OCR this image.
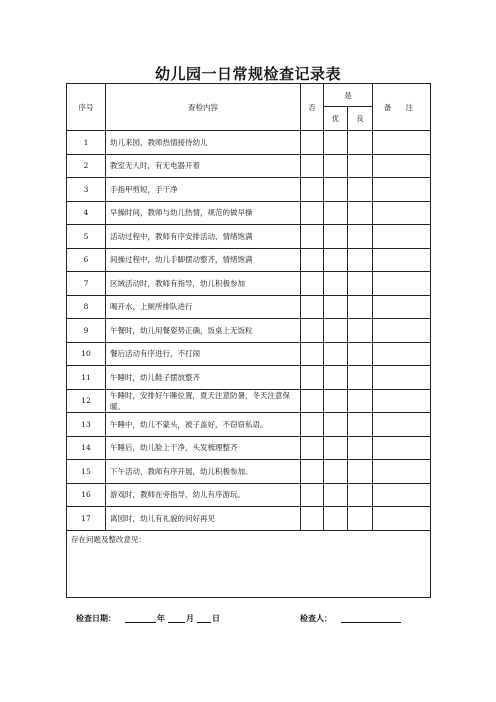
幼儿园一日常规检查记录表
序号	查检内容	否	是		备 注
			优	良	
1	幼儿来园，教师热情接待幼儿				
2	教室无人时，有无电器开着				
3	手指甲剪短，手干净				
4	早操时间，教师与幼儿热情，规范的做早操				
5	活动过程中，教师有序安排活动，情绪饱满				
6	间操过程中，幼儿手脚摆动整齐，情绪饱满				
7	区域活动时，教师有指导，幼儿积极参加				
8	喝开水，上厕所排队进行				
9	午餐时，幼儿用餐姿势正确，饭桌上无饭粒				
10	餐后活动有序进行，不打闹				
11	午睡时，幼儿鞋子摆放整齐				
12	午睡时，安排好午睡位置，夏天注意防暑，冬天注意保暖。				
13	午睡中，幼儿不蒙头，被子盖好，不窃窃私语。				
14	午睡后，幼儿脸上干净，头发梳理整齐				
15	下午活动，教师有序开展，幼儿积极参加。				
16	游戏时，教师在旁指导，幼儿有序游玩。				
17	离园时，幼儿有礼貌的问好再见				
存在问题及整改意见：					
检查日期：	年	月 日	检查人：
